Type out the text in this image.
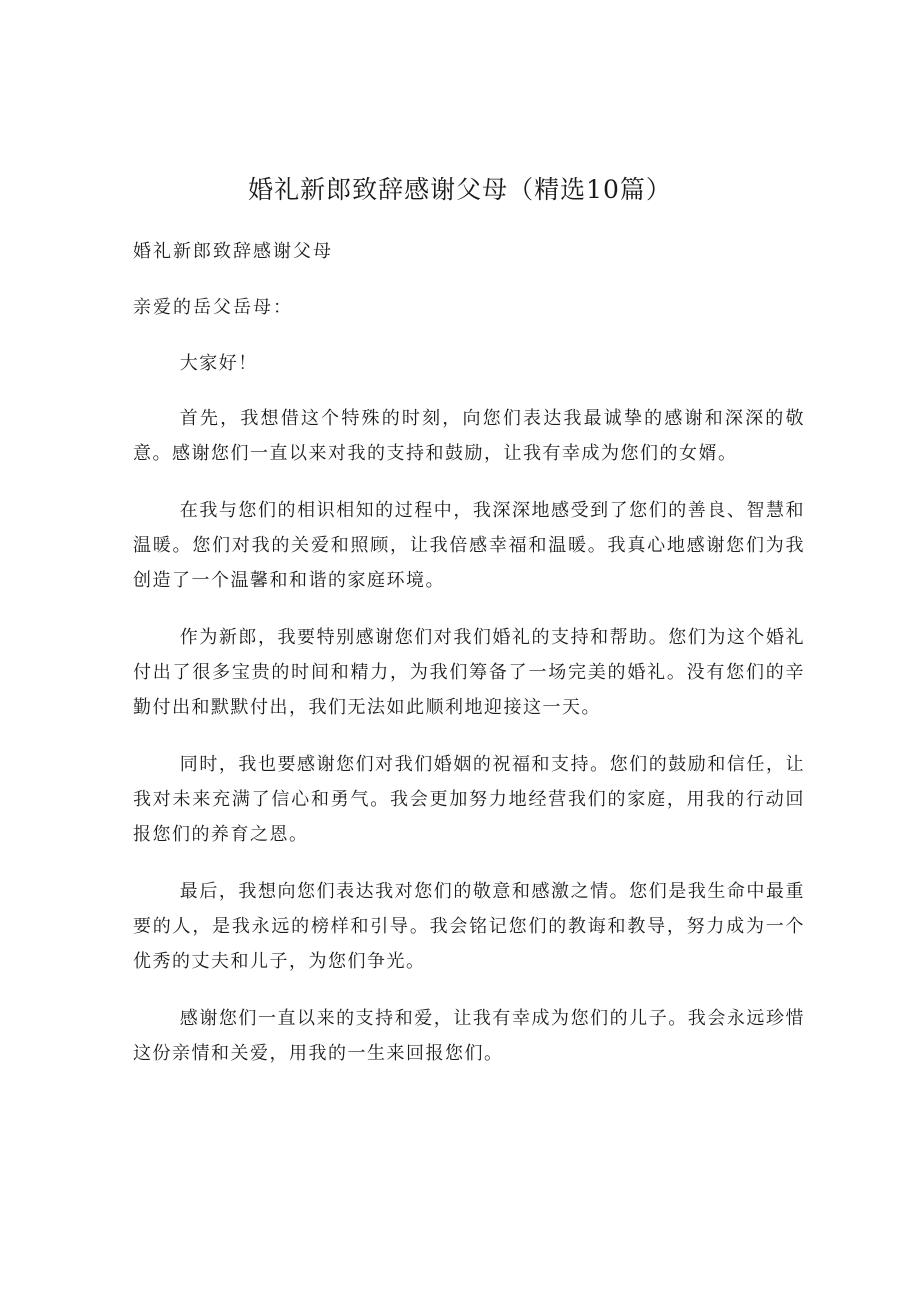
婚礼新郎致辞感谢父母（精选10篇）

婚礼新郎致辞感谢父母

亲爱的岳父岳母：

大家好！

首先，我想借这个特殊的时刻，向您们表达我最诚挚的感谢和深深的敬意。感谢您们一直以来对我的支持和鼓励，让我有幸成为您们的女婿。

在我与您们的相识相知的过程中，我深深地感受到了您们的善良、智慧和温暖。您们对我的关爱和照顾，让我倍感幸福和温暖。我真心地感谢您们为我创造了一个温馨和和谐的家庭环境。

作为新郎，我要特别感谢您们对我们婚礼的支持和帮助。您们为这个婚礼付出了很多宝贵的时间和精力，为我们筹备了一场完美的婚礼。没有您们的辛勤付出和默默付出，我们无法如此顺利地迎接这一天。

同时，我也要感谢您们对我们婚姻的祝福和支持。您们的鼓励和信任，让我对未来充满了信心和勇气。我会更加努力地经营我们的家庭，用我的行动回报您们的养育之恩。

最后，我想向您们表达我对您们的敬意和感激之情。您们是我生命中最重要的人，是我永远的榜样和引导。我会铭记您们的教诲和教导，努力成为一个优秀的丈夫和儿子，为您们争光。

感谢您们一直以来的支持和爱，让我有幸成为您们的儿子。我会永远珍惜这份亲情和关爱，用我的一生来回报您们。
